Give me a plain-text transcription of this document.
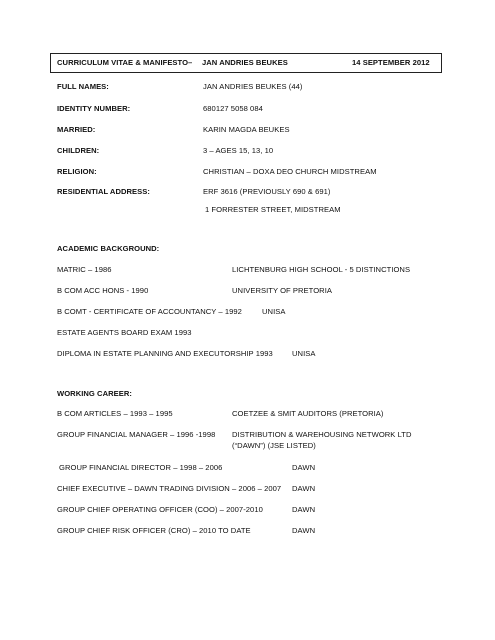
CURRICULUM VITAE & MANIFESTO – JAN ANDRIES BEUKES	14 SEPTEMBER 2012
FULL NAMES:	JAN ANDRIES BEUKES (44)
IDENTITY NUMBER:	680127 5058 084
MARRIED:	KARIN MAGDA BEUKES
CHILDREN:	3 – AGES 15, 13, 10
RELIGION:	CHRISTIAN – DOXA DEO CHURCH MIDSTREAM
RESIDENTIAL ADDRESS:	ERF 3616 (PREVIOUSLY 690 & 691)
1 FORRESTER STREET, MIDSTREAM
ACADEMIC BACKGROUND:
MATRIC – 1986	LICHTENBURG HIGH SCHOOL - 5 DISTINCTIONS
B COM ACC HONS - 1990	UNIVERSITY OF PRETORIA
B COMT - CERTIFICATE OF ACCOUNTANCY – 1992	UNISA
ESTATE AGENTS BOARD EXAM 1993
DIPLOMA IN ESTATE PLANNING AND EXECUTORSHIP 1993	UNISA
WORKING CAREER:
B COM ARTICLES – 1993 – 1995	COETZEE & SMIT AUDITORS (PRETORIA)
GROUP FINANCIAL MANAGER – 1996 -1998 DISTRIBUTION & WAREHOUSING NETWORK LTD
(“DAWN”) (JSE LISTED)
GROUP FINANCIAL DIRECTOR – 1998 – 2006	DAWN
CHIEF EXECUTIVE – DAWN TRADING DIVISION – 2006 – 2007 DAWN
GROUP CHIEF OPERATING OFFICER (COO) – 2007-2010	DAWN
GROUP CHIEF RISK OFFICER (CRO) – 2010 TO DATE	DAWN
